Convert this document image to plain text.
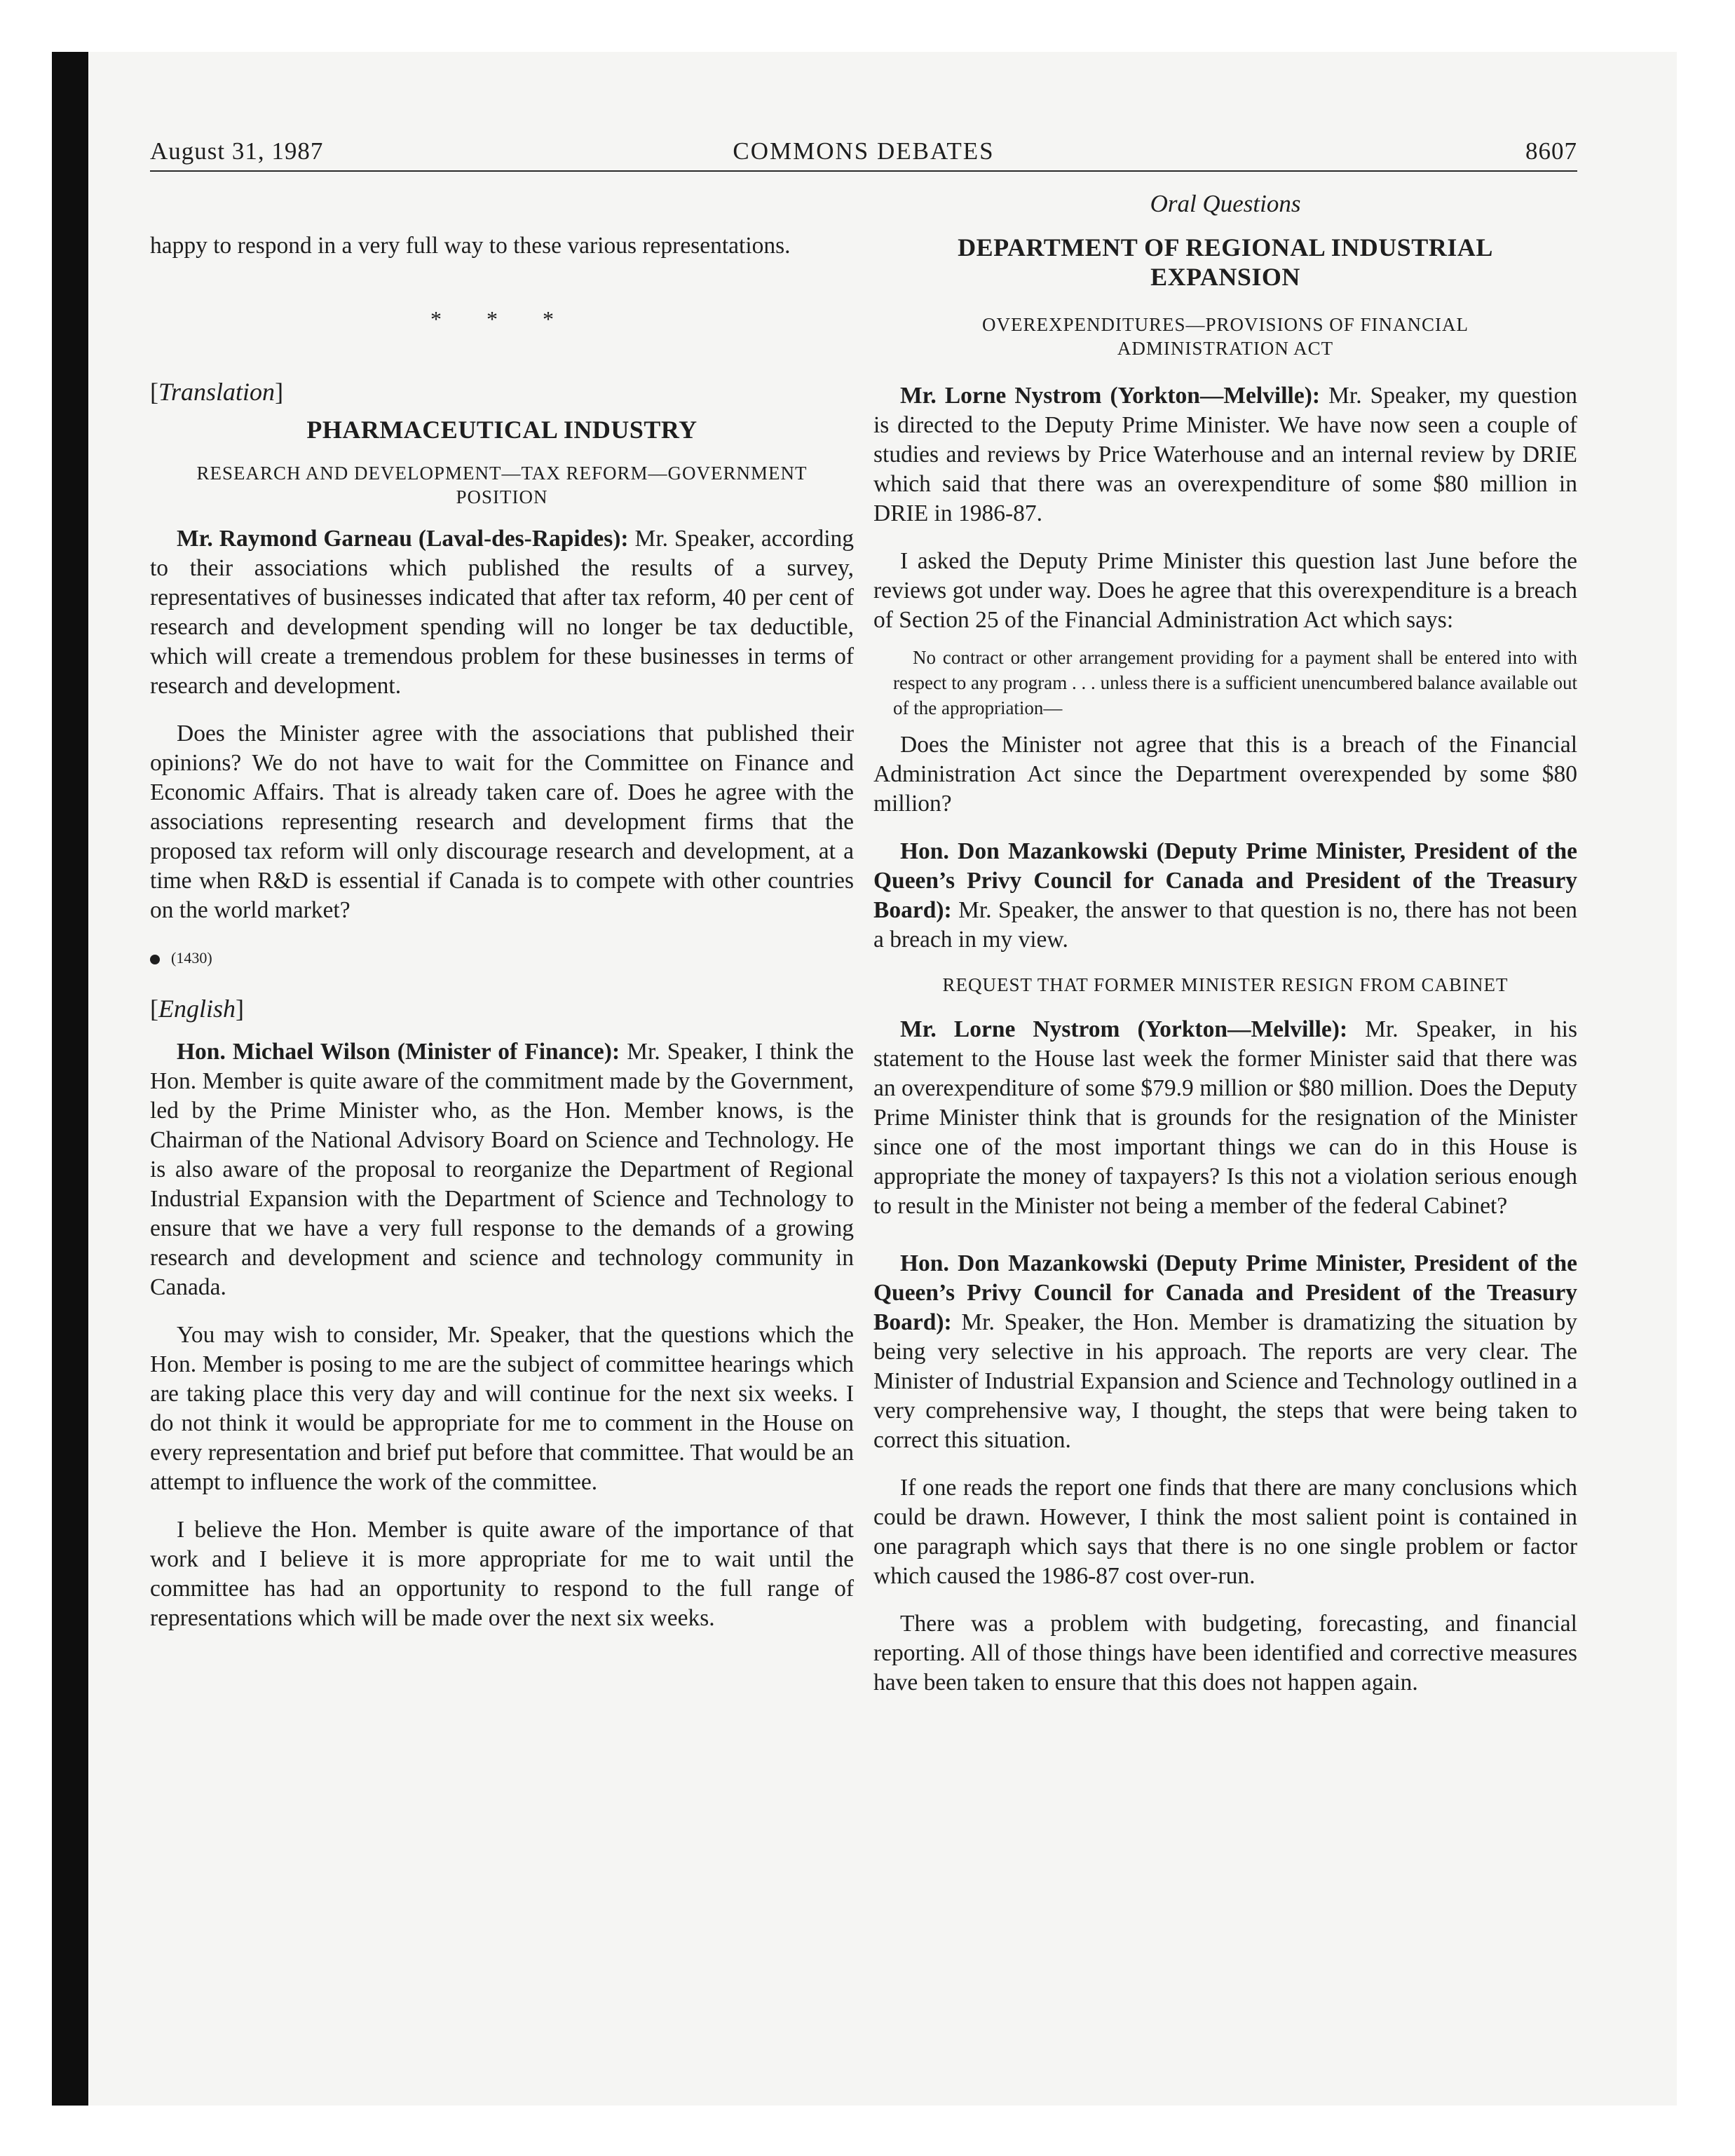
August 31, 1987	COMMONS DEBATES	8607

happy to respond in a very full way to these various representations.

* * *
[Translation]
PHARMACEUTICAL INDUSTRY
RESEARCH AND DEVELOPMENT—TAX REFORM—GOVERNMENT POSITION

Mr. Raymond Garneau (Laval-des-Rapides): Mr. Speaker, according to their associations which published the results of a survey, representatives of businesses indicated that after tax reform, 40 per cent of research and development spending will no longer be tax deductible, which will create a tremendous problem for these businesses in terms of research and development.

Does the Minister agree with the associations that published their opinions? We do not have to wait for the Committee on Finance and Economic Affairs. That is already taken care of. Does he agree with the associations representing research and development firms that the proposed tax reform will only discourage research and development, at a time when R&D is essential if Canada is to compete with other countries on the world market?

(1430)
[English]

Hon. Michael Wilson (Minister of Finance): Mr. Speaker, I think the Hon. Member is quite aware of the commitment made by the Government, led by the Prime Minister who, as the Hon. Member knows, is the Chairman of the National Advisory Board on Science and Technology. He is also aware of the proposal to reorganize the Department of Regional Industrial Expansion with the Department of Science and Technology to ensure that we have a very full response to the demands of a growing research and development and science and technology community in Canada.

You may wish to consider, Mr. Speaker, that the questions which the Hon. Member is posing to me are the subject of committee hearings which are taking place this very day and will continue for the next six weeks. I do not think it would be appropriate for me to comment in the House on every representation and brief put before that committee. That would be an attempt to influence the work of the committee.

I believe the Hon. Member is quite aware of the importance of that work and I believe it is more appropriate for me to wait until the committee has had an opportunity to respond to the full range of representations which will be made over the next six weeks.

Oral Questions
DEPARTMENT OF REGIONAL INDUSTRIAL EXPANSION
OVEREXPENDITURES—PROVISIONS OF FINANCIAL ADMINISTRATION ACT

Mr. Lorne Nystrom (Yorkton—Melville): Mr. Speaker, my question is directed to the Deputy Prime Minister. We have now seen a couple of studies and reviews by Price Waterhouse and an internal review by DRIE which said that there was an overexpenditure of some $80 million in DRIE in 1986-87.

I asked the Deputy Prime Minister this question last June before the reviews got under way. Does he agree that this overexpenditure is a breach of Section 25 of the Financial Administration Act which says:

No contract or other arrangement providing for a payment shall be entered into with respect to any program . . . unless there is a sufficient unencumbered balance available out of the appropriation—

Does the Minister not agree that this is a breach of the Financial Administration Act since the Department overexpended by some $80 million?

Hon. Don Mazankowski (Deputy Prime Minister, President of the Queen’s Privy Council for Canada and President of the Treasury Board): Mr. Speaker, the answer to that question is no, there has not been a breach in my view.

REQUEST THAT FORMER MINISTER RESIGN FROM CABINET

Mr. Lorne Nystrom (Yorkton—Melville): Mr. Speaker, in his statement to the House last week the former Minister said that there was an overexpenditure of some $79.9 million or $80 million. Does the Deputy Prime Minister think that is grounds for the resignation of the Minister since one of the most important things we can do in this House is appropriate the money of taxpayers? Is this not a violation serious enough to result in the Minister not being a member of the federal Cabinet?

Hon. Don Mazankowski (Deputy Prime Minister, President of the Queen’s Privy Council for Canada and President of the Treasury Board): Mr. Speaker, the Hon. Member is dramatizing the situation by being very selective in his approach. The reports are very clear. The Minister of Industrial Expansion and Science and Technology outlined in a very comprehensive way, I thought, the steps that were being taken to correct this situation.

If one reads the report one finds that there are many conclusions which could be drawn. However, I think the most salient point is contained in one paragraph which says that there is no one single problem or factor which caused the 1986-87 cost over-run.

There was a problem with budgeting, forecasting, and financial reporting. All of those things have been identified and corrective measures have been taken to ensure that this does not happen again.
